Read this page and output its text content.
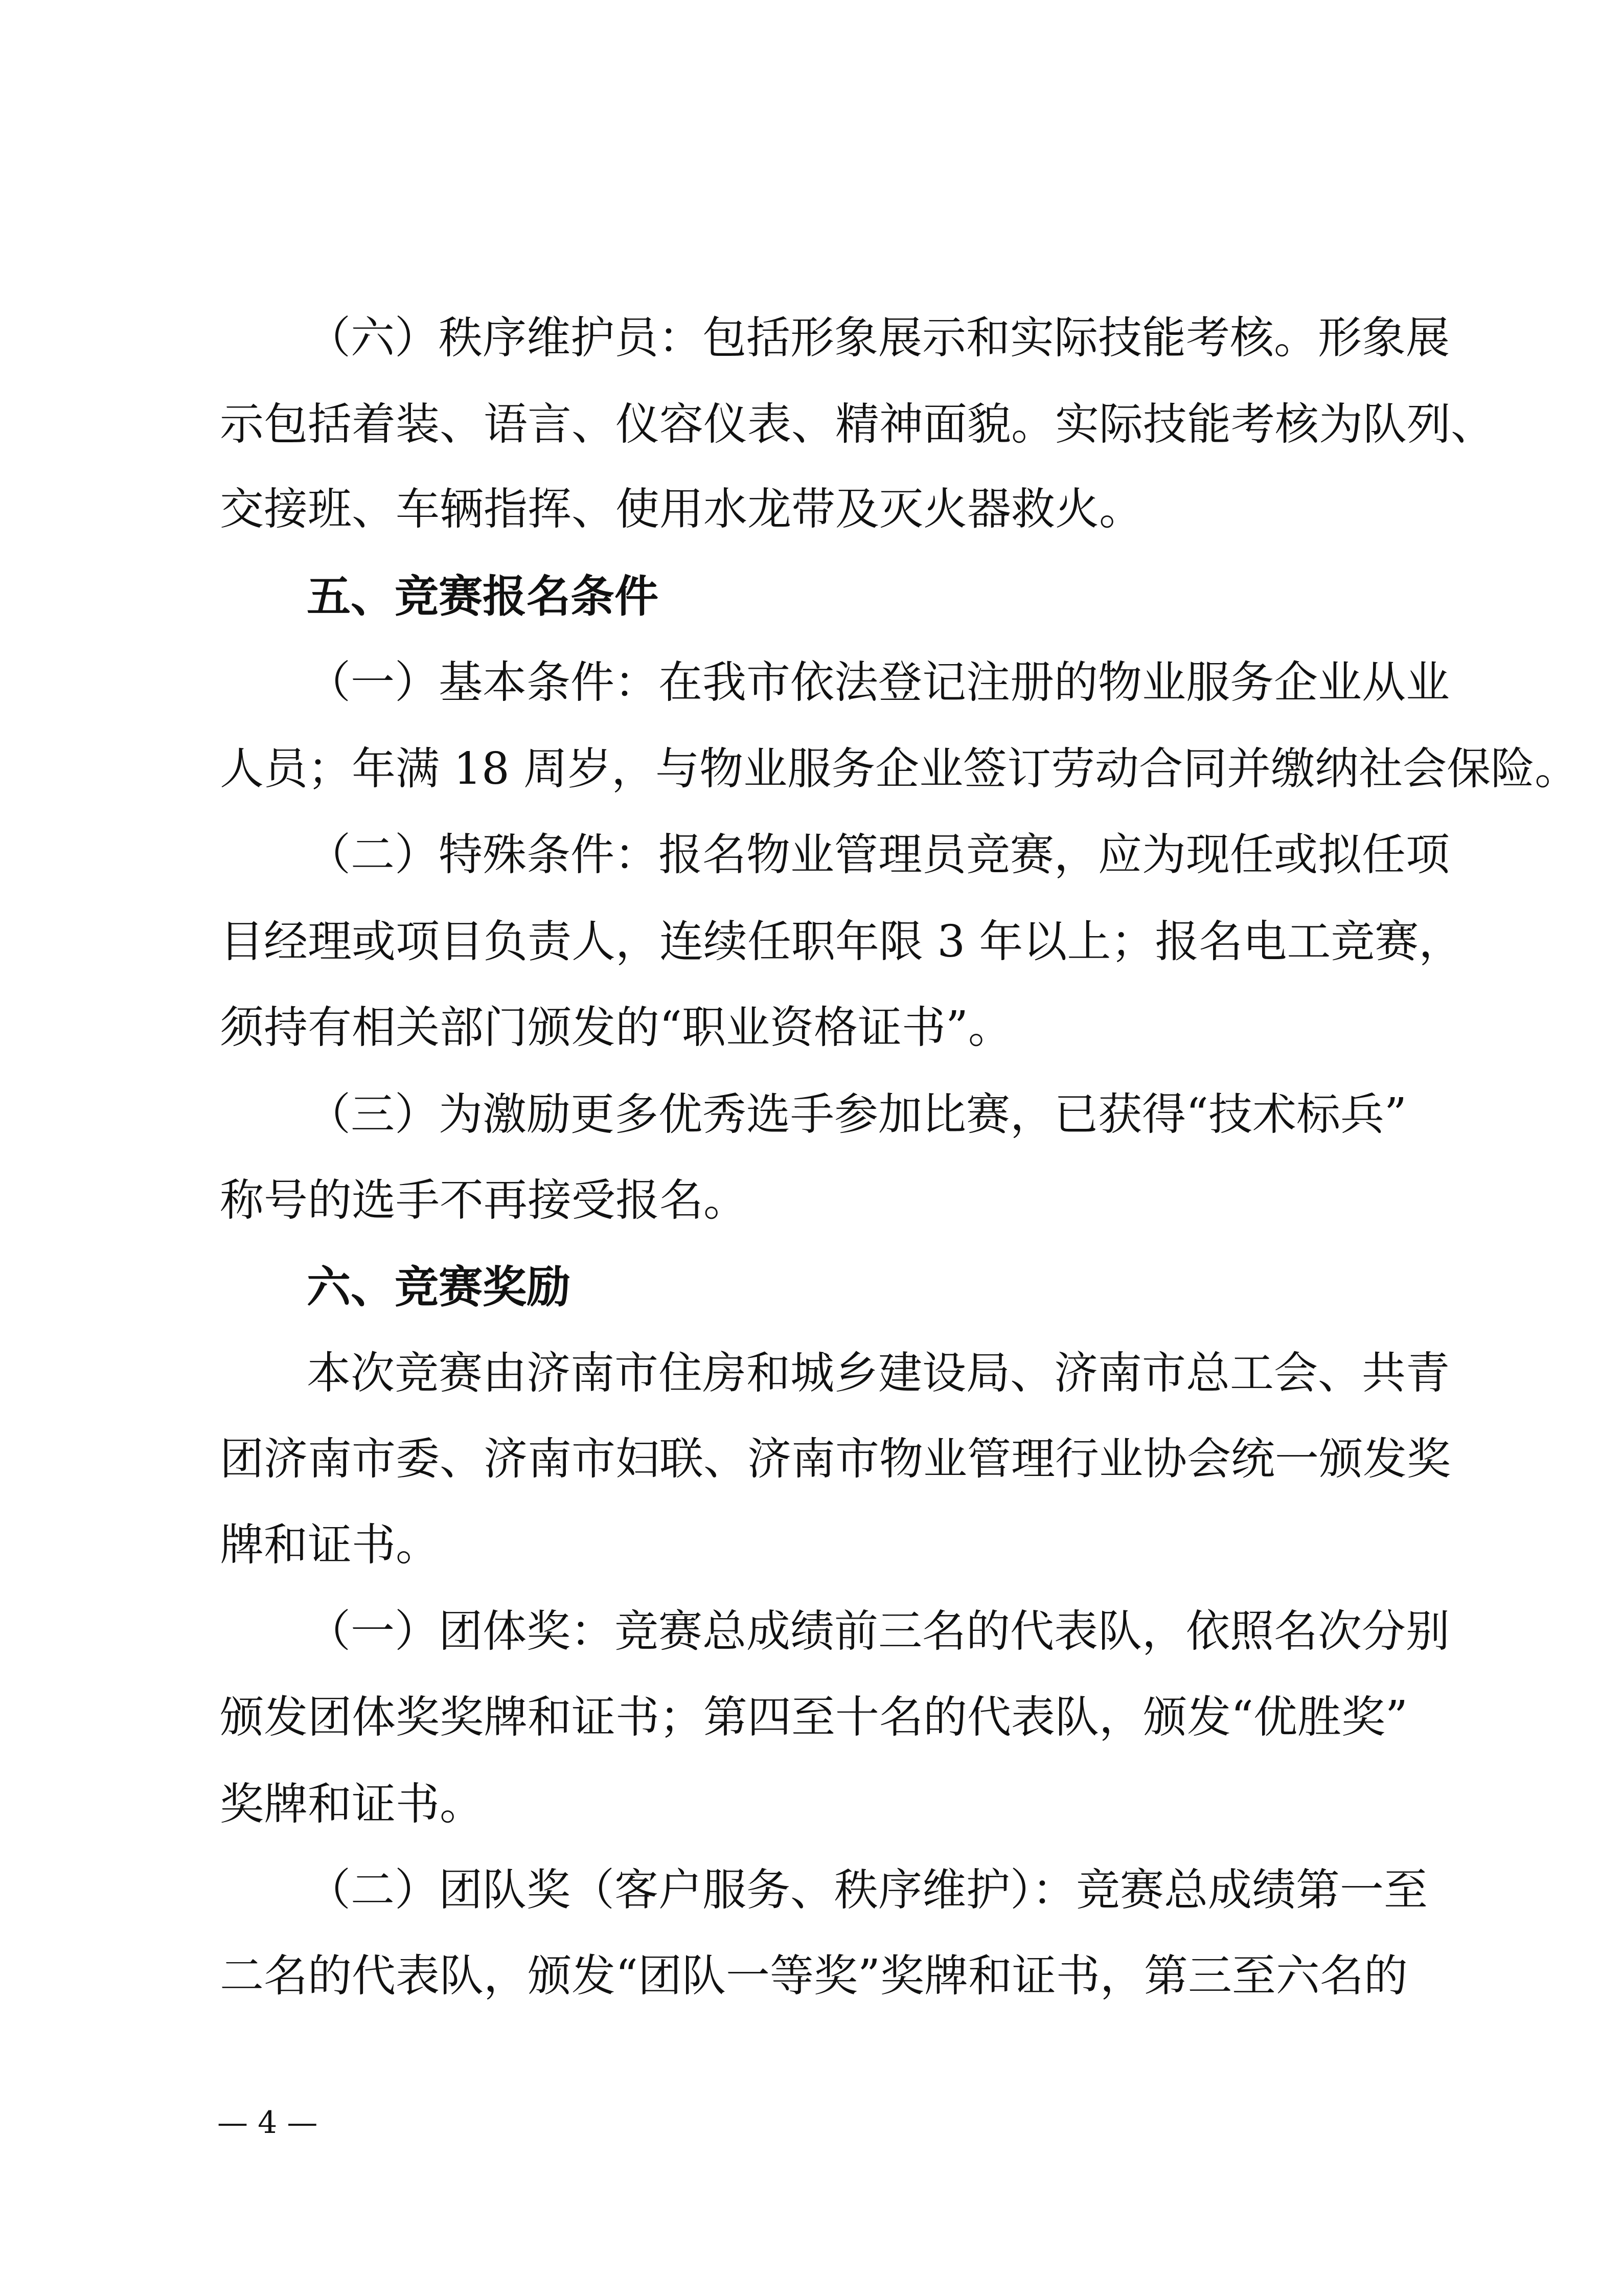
（六）秩序维护员：包括形象展示和实际技能考核。形象展

示包括着装、语言、仪容仪表、精神面貌。实际技能考核为队列、

交接班、车辆指挥、使用水龙带及灭火器救火。

五、竞赛报名条件

（一）基本条件：在我市依法登记注册的物业服务企业从业

人员；年满 18 周岁，与物业服务企业签订劳动合同并缴纳社会保险。

（二）特殊条件：报名物业管理员竞赛，应为现任或拟任项

目经理或项目负责人，连续任职年限 3 年以上；报名电工竞赛，

须持有相关部门颁发的“职业资格证书”。

（三）为激励更多优秀选手参加比赛，已获得“技术标兵”

称号的选手不再接受报名。

六、竞赛奖励

本次竞赛由济南市住房和城乡建设局、济南市总工会、共青

团济南市委、济南市妇联、济南市物业管理行业协会统一颁发奖

牌和证书。

（一）团体奖：竞赛总成绩前三名的代表队，依照名次分别

颁发团体奖奖牌和证书；第四至十名的代表队，颁发“优胜奖”

奖牌和证书。

（二）团队奖（客户服务、秩序维护）：竞赛总成绩第一至

二名的代表队，颁发“团队一等奖”奖牌和证书，第三至六名的

— 4 —
